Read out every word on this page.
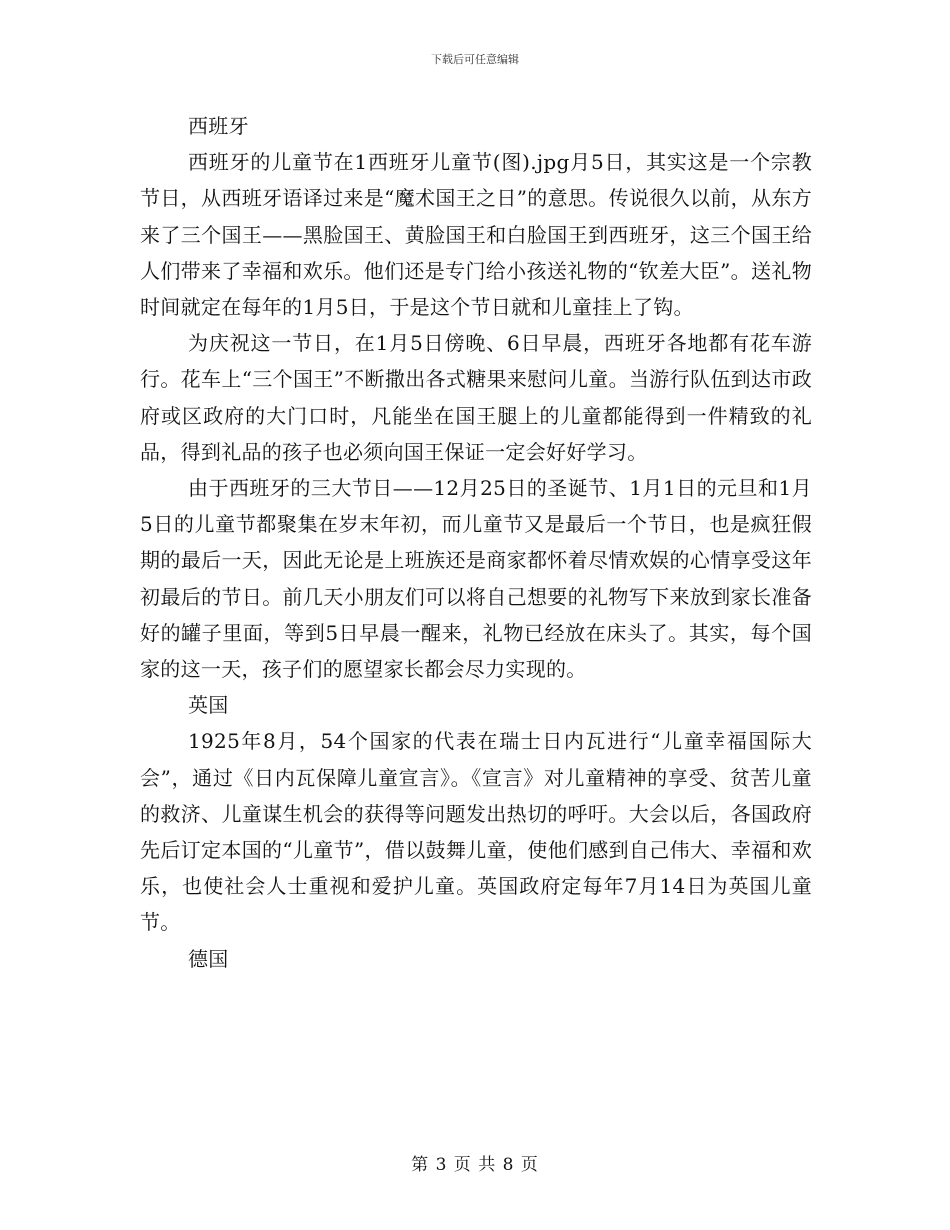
下载后可任意编辑

西班牙

西班牙的儿童节在1西班牙儿童节(图).jpg月5日，其实这是一个宗教节日，从西班牙语译过来是“魔术国王之日”的意思。传说很久以前，从东方来了三个国王——黑脸国王、黄脸国王和白脸国王到西班牙，这三个国王给人们带来了幸福和欢乐。他们还是专门给小孩送礼物的“钦差大臣”。送礼物时间就定在每年的1月5日，于是这个节日就和儿童挂上了钩。

为庆祝这一节日，在1月5日傍晚、6日早晨，西班牙各地都有花车游行。花车上“三个国王”不断撒出各式糖果来慰问儿童。当游行队伍到达市政府或区政府的大门口时，凡能坐在国王腿上的儿童都能得到一件精致的礼品，得到礼品的孩子也必须向国王保证一定会好好学习。

由于西班牙的三大节日——12月25日的圣诞节、1月1日的元旦和1月5日的儿童节都聚集在岁末年初，而儿童节又是最后一个节日，也是疯狂假期的最后一天，因此无论是上班族还是商家都怀着尽情欢娱的心情享受这年初最后的节日。前几天小朋友们可以将自己想要的礼物写下来放到家长准备好的罐子里面，等到5日早晨一醒来，礼物已经放在床头了。其实，每个国家的这一天，孩子们的愿望家长都会尽力实现的。

英国

1925年8月，54个国家的代表在瑞士日内瓦进行“儿童幸福国际大会”，通过《日内瓦保障儿童宣言》。《宣言》对儿童精神的享受、贫苦儿童的救济、儿童谋生机会的获得等问题发出热切的呼吁。大会以后，各国政府先后订定本国的“儿童节”，借以鼓舞儿童，使他们感到自己伟大、幸福和欢乐，也使社会人士重视和爱护儿童。英国政府定每年7月14日为英国儿童节。

德国

第 3 页 共 8 页
